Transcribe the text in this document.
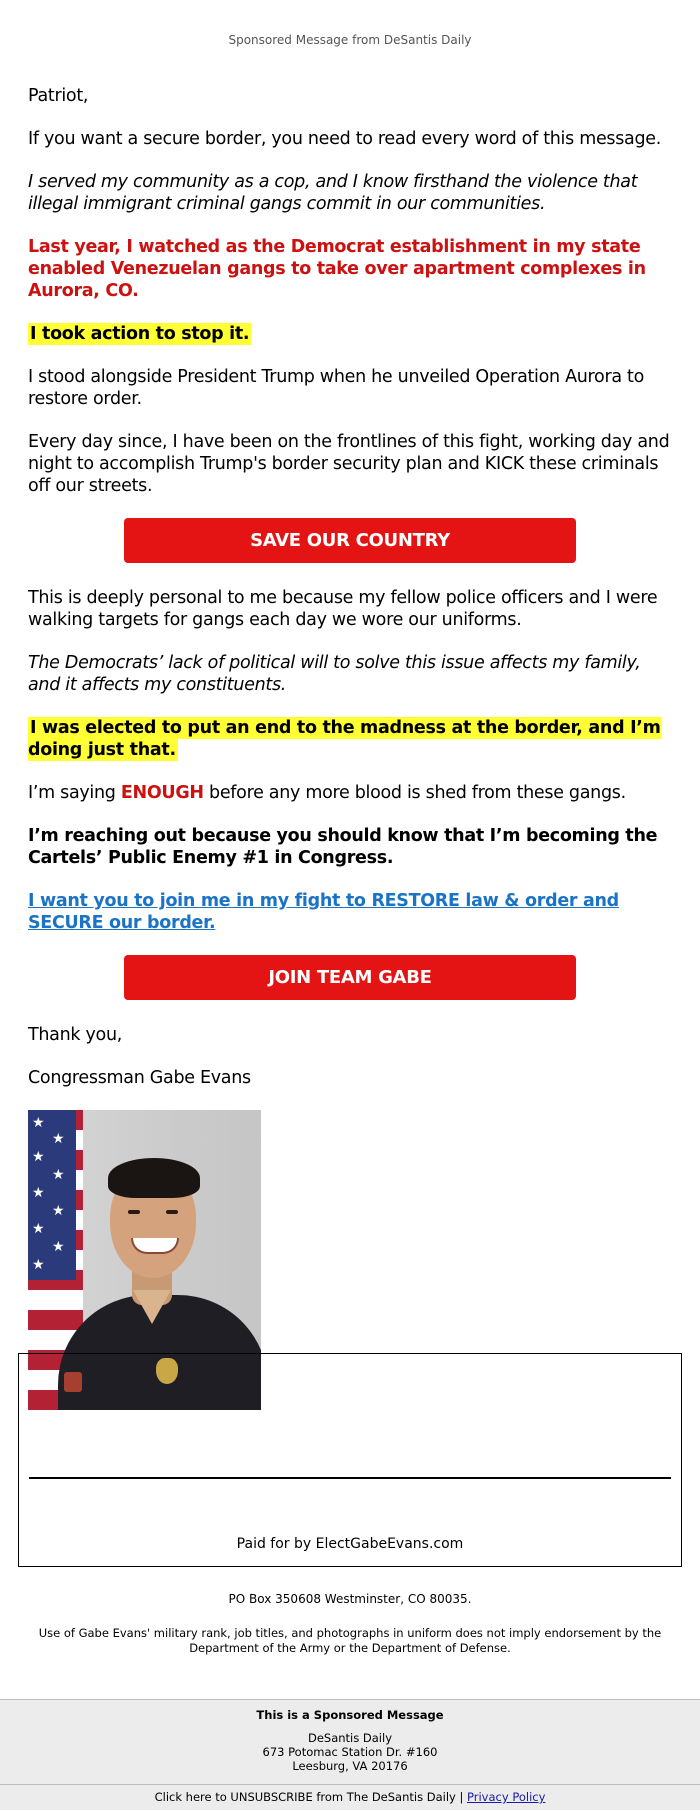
Sponsored Message from DeSantis Daily

Patriot,

If you want a secure border, you need to read every word of this message.

I served my community as a cop, and I know firsthand the violence that illegal immigrant criminal gangs commit in our communities.

Last year, I watched as the Democrat establishment in my state enabled Venezuelan gangs to take over apartment complexes in Aurora, CO.

I took action to stop it.

I stood alongside President Trump when he unveiled Operation Aurora to restore order.

Every day since, I have been on the frontlines of this fight, working day and night to accomplish Trump's border security plan and KICK these criminals off our streets.

SAVE OUR COUNTRY

This is deeply personal to me because my fellow police officers and I were walking targets for gangs each day we wore our uniforms.

The Democrats’ lack of political will to solve this issue affects my family, and it affects my constituents.

I was elected to put an end to the madness at the border, and I’m doing just that.

I’m saying ENOUGH before any more blood is shed from these gangs.

I’m reaching out because you should know that I’m becoming the Cartels’ Public Enemy #1 in Congress.

I want you to join me in my fight to RESTORE law & order and SECURE our border.

JOIN TEAM GABE

Thank you,

Congressman Gabe Evans

★
★
★
★
★
★
★
★
★
Paid for by ElectGabeEvans.com
PO Box 350608 Westminster, CO 80035.
Use of Gabe Evans' military rank, job titles, and photographs in uniform does not imply endorsement by the Department of the Army or the Department of Defense.
This is a Sponsored Message
DeSantis Daily
673 Potomac Station Dr. #160
Leesburg, VA 20176
Click here to UNSUBSCRIBE from The DeSantis Daily | Privacy Policy
